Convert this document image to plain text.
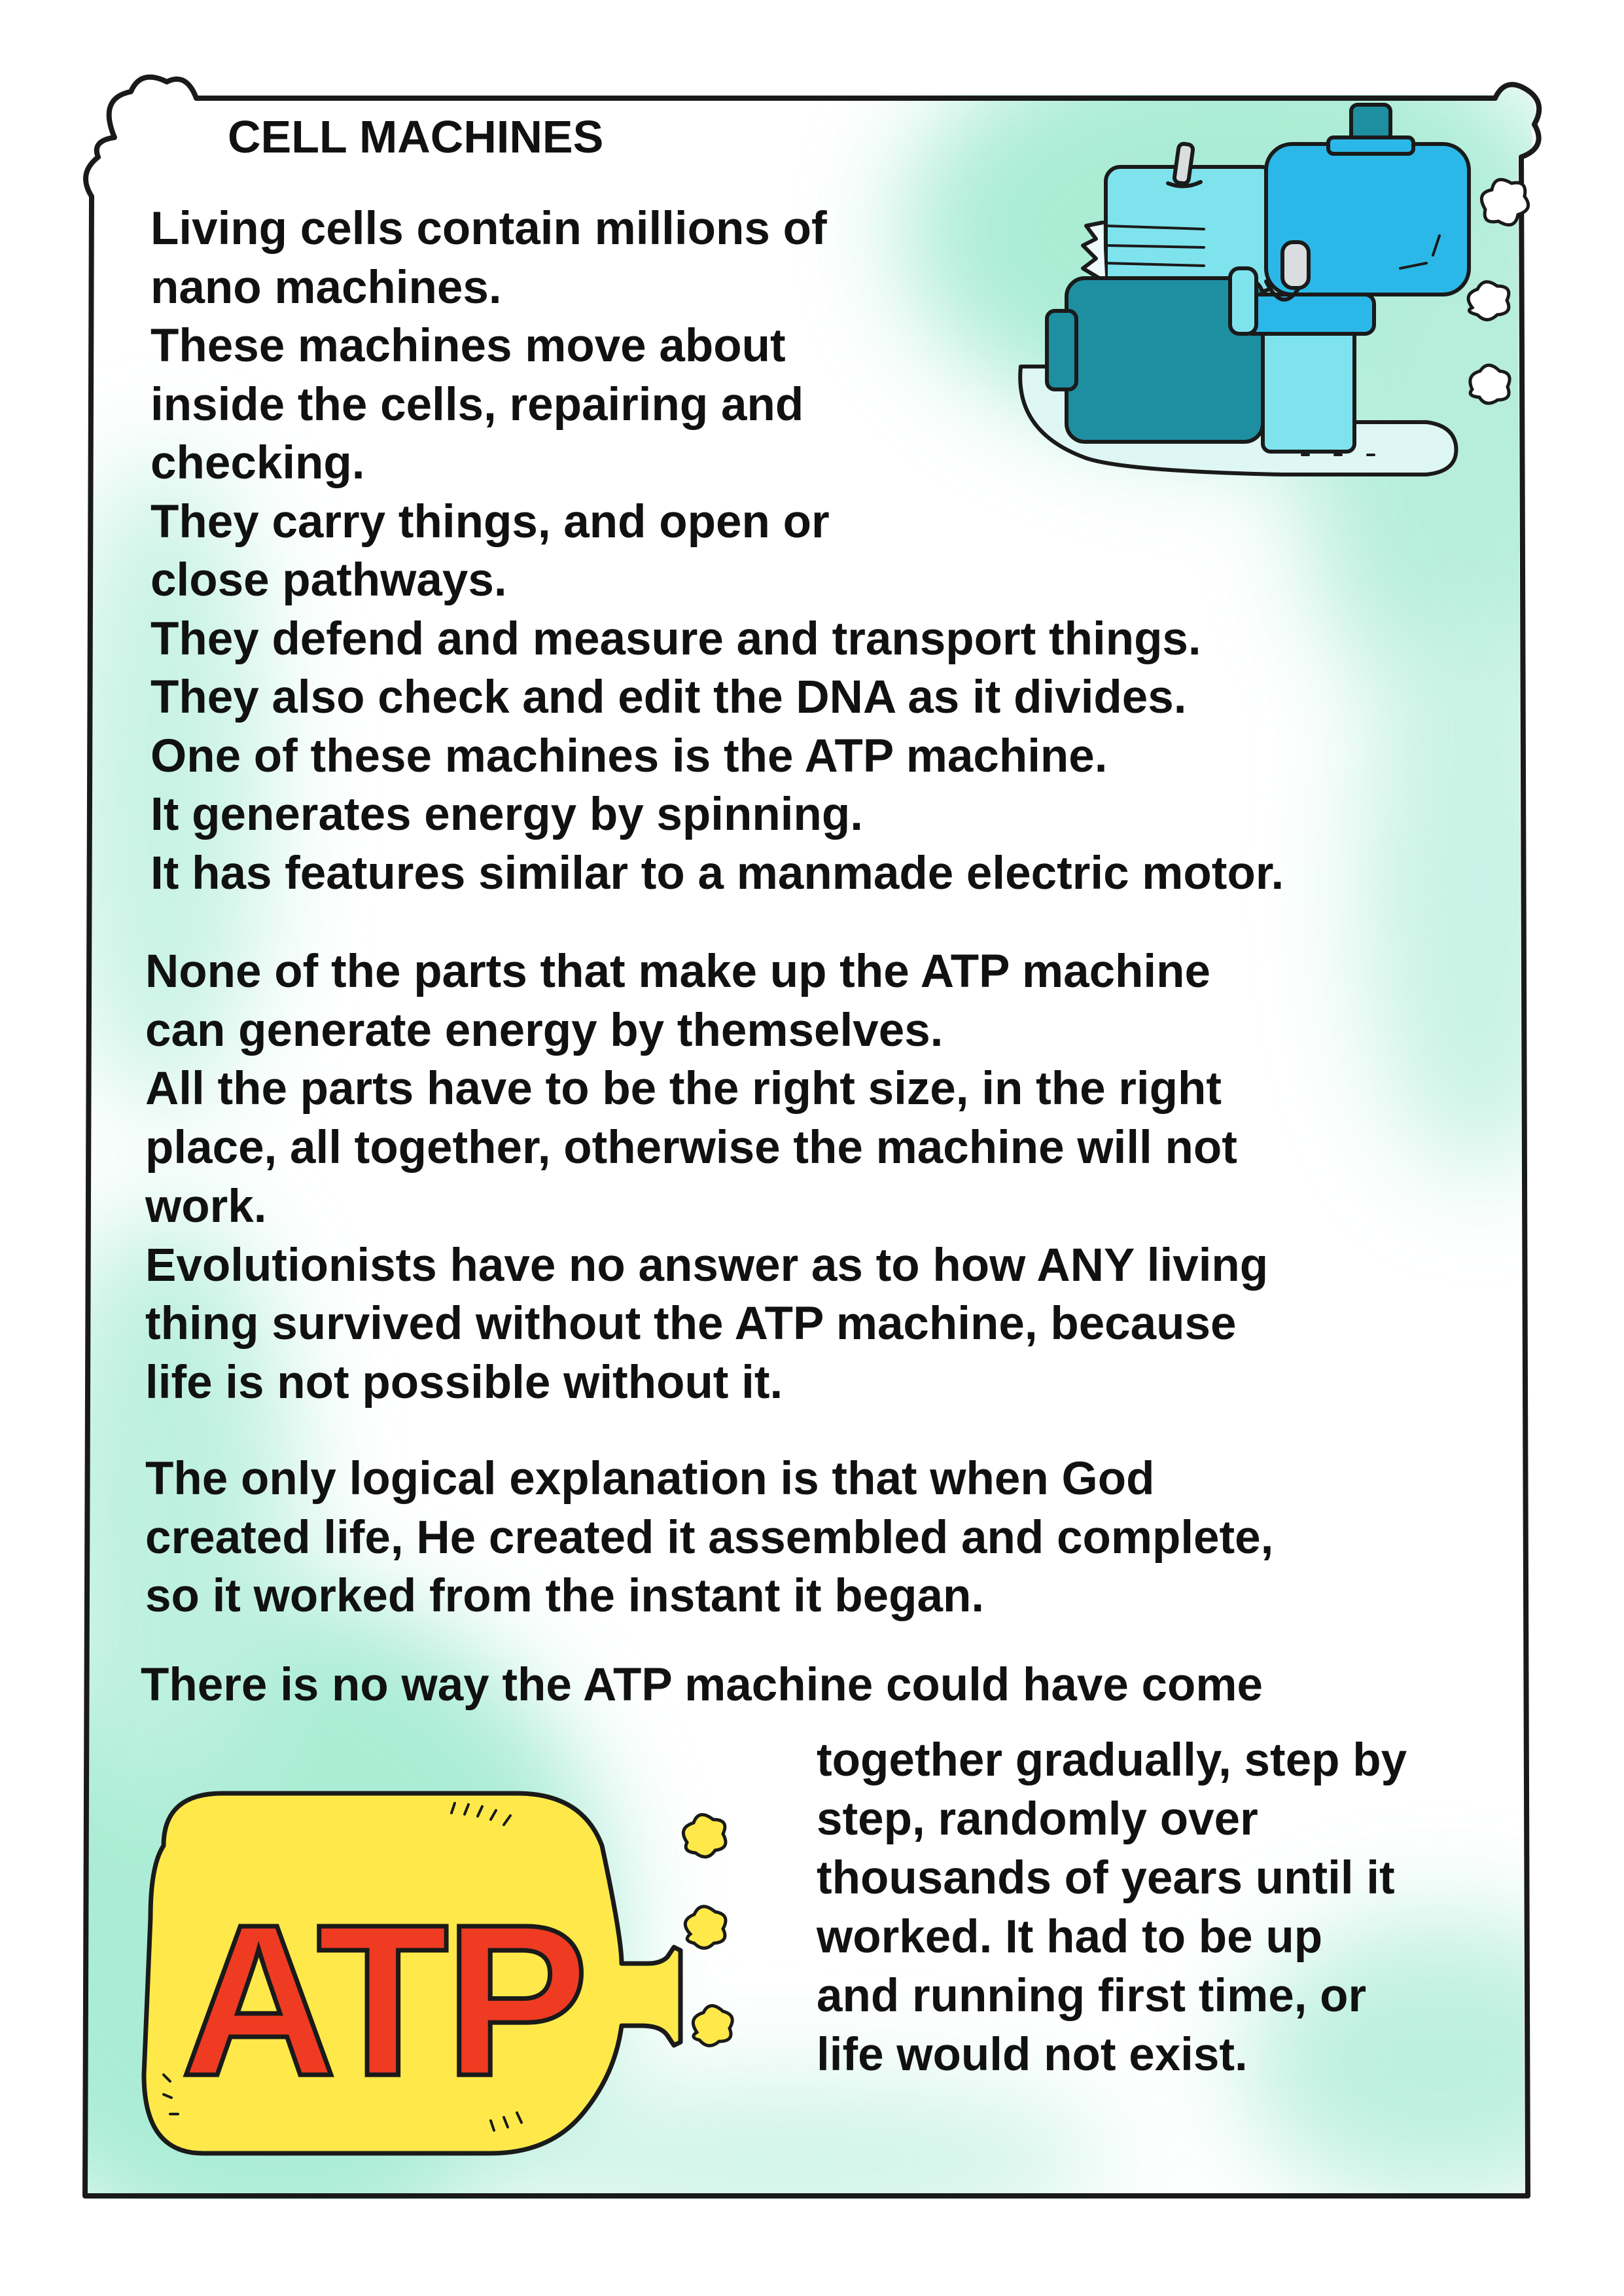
CELL MACHINES
Living cells contain millions of
nano machines.
These machines move about
inside the cells, repairing and
checking.
They carry things, and open or
close pathways.
They defend and measure and transport things.
They also check and edit the DNA as it divides.
One of these machines is the ATP machine.
It generates energy by spinning.
It has features similar to a manmade electric motor.
None of the parts that make up the ATP machine
can generate energy by themselves.
All the parts have to be the right size, in the right
place, all together, otherwise the machine will not
work.
Evolutionists have no answer as to how ANY living
thing survived without the ATP machine, because
life is not possible without it.
The only logical explanation is that when God
created life, He created it assembled and complete,
so it worked from the instant it began.
There is no way the ATP machine could have come
together gradually, step by
step, randomly over
thousands of years until it
worked. It had to be up
and running first time, or
life would not exist.
ATP
